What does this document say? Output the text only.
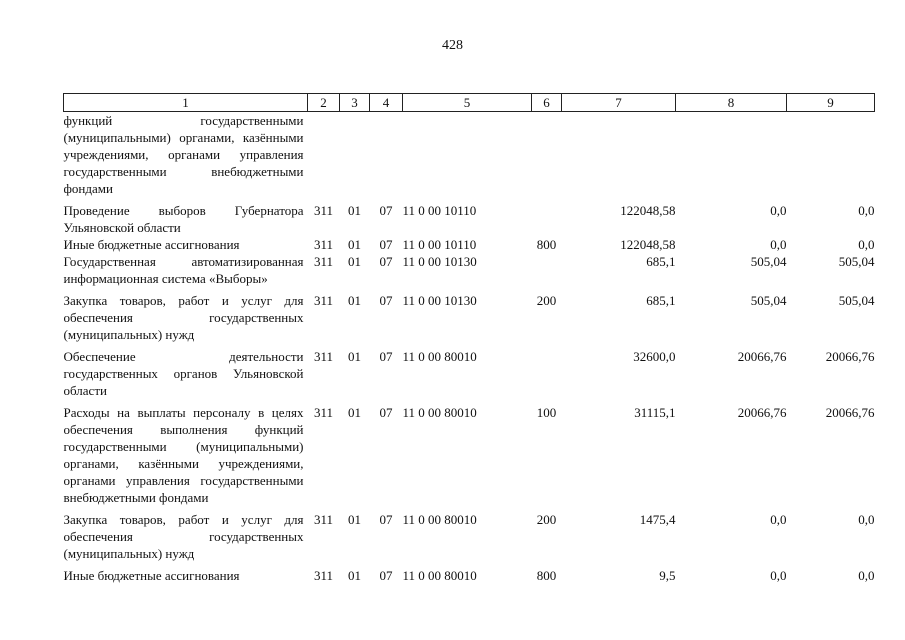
428
1	2	3	4	5	6	7	8	9
функций государственными (муниципальными) органами, казёнными учреждениями, органами управления государственными внебюджетными фондами								
Проведение выборов Губернатора Ульяновской области	311	01	07	11 0 00 10110		122048,58	0,0	0,0
Иные бюджетные ассигнования	311	01	07	11 0 00 10110	800	122048,58	0,0	0,0
Государственная автоматизированная информационная система «Выборы»	311	01	07	11 0 00 10130		685,1	505,04	505,04
Закупка товаров, работ и услуг для обеспечения государственных (муниципальных) нужд	311	01	07	11 0 00 10130	200	685,1	505,04	505,04
Обеспечение деятельности государственных органов Ульяновской области	311	01	07	11 0 00 80010		32600,0	20066,76	20066,76
Расходы на выплаты персоналу в целях обеспечения выполнения функций государственными (муниципальными) органами, казёнными учреждениями, органами управления государственными внебюджетными фондами	311	01	07	11 0 00 80010	100	31115,1	20066,76	20066,76
Закупка товаров, работ и услуг для обеспечения государственных (муниципальных) нужд	311	01	07	11 0 00 80010	200	1475,4	0,0	0,0
Иные бюджетные ассигнования	311	01	07	11 0 00 80010	800	9,5	0,0	0,0
